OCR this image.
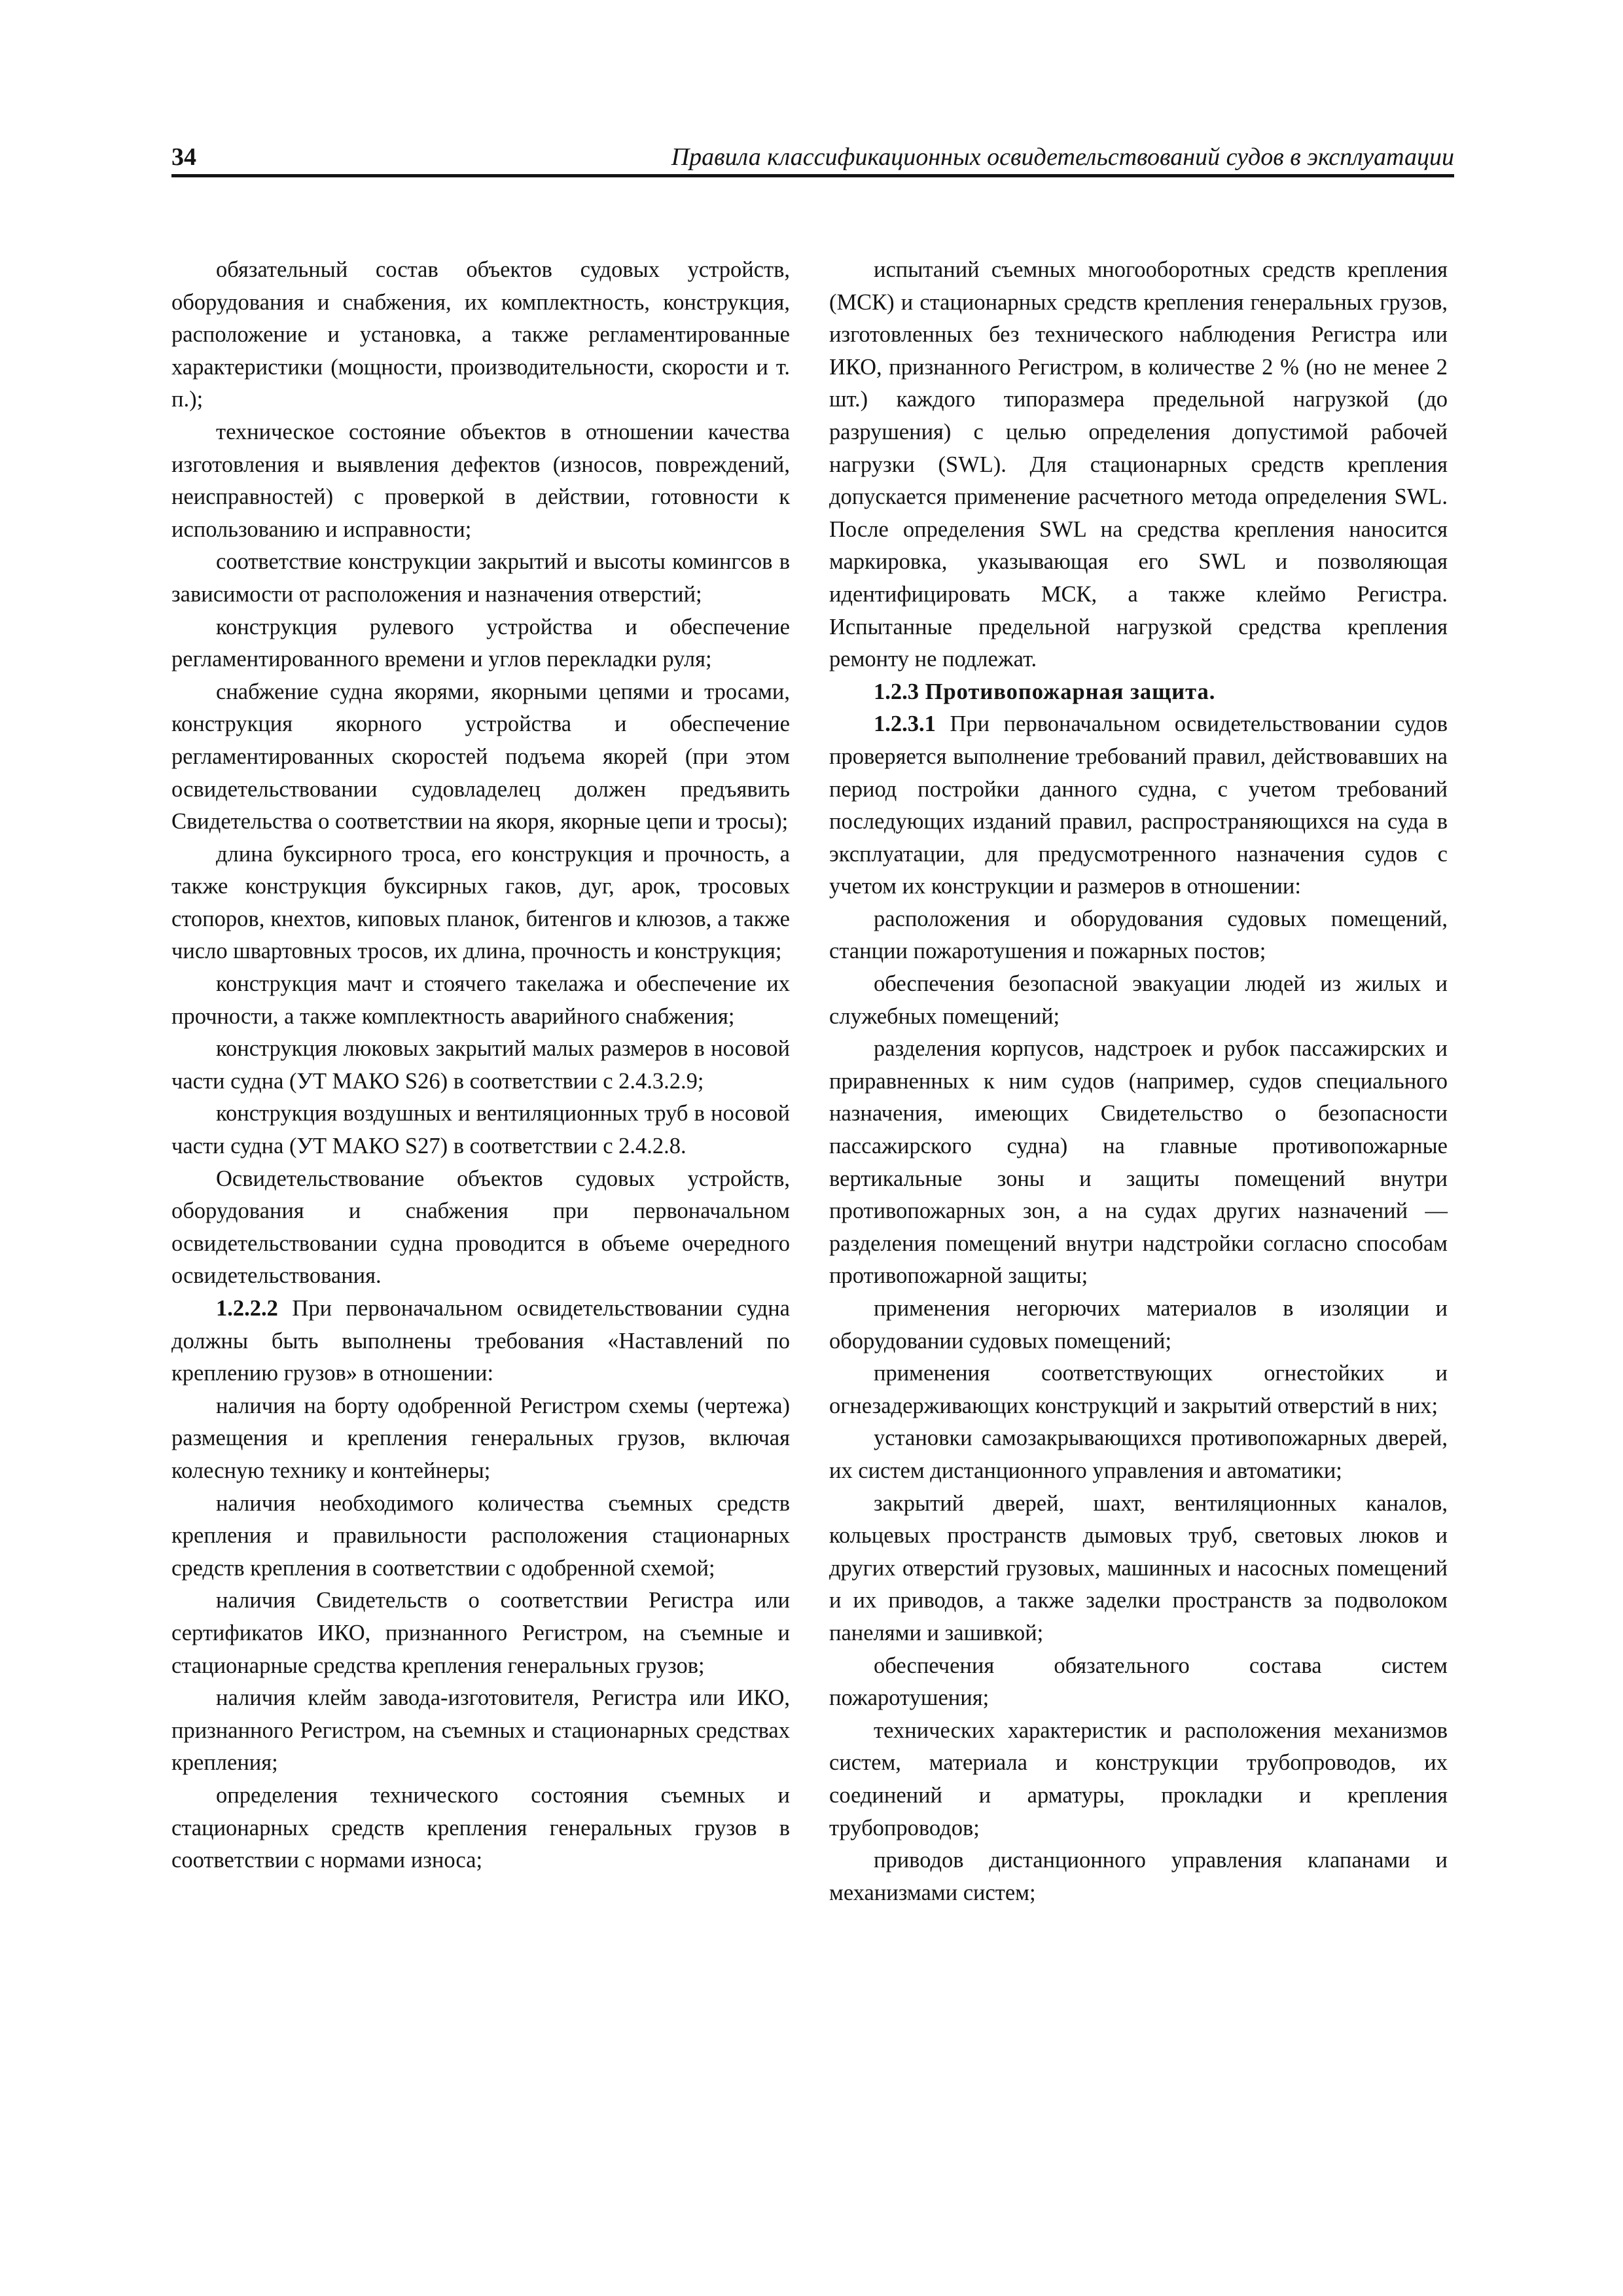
34	Правила классификационных освидетельствований судов в эксплуатации

обязательный состав объектов судовых устройств, оборудования и снабжения, их комплектность, конструкция, расположение и установка, а также регламентированные характеристики (мощности, производительности, скорости и т. п.);

техническое состояние объектов в отношении качества изготовления и выявления дефектов (износов, повреждений, неисправностей) с проверкой в действии, готовности к использованию и исправности;

соответствие конструкции закрытий и высоты комингсов в зависимости от расположения и назначения отверстий;

конструкция рулевого устройства и обеспечение регламентированного времени и углов перекладки руля;

снабжение судна якорями, якорными цепями и тросами, конструкция якорного устройства и обеспечение регламентированных скоростей подъема якорей (при этом освидетельствовании судовладелец должен предъявить Свидетельства о соответствии на якоря, якорные цепи и тросы);

длина буксирного троса, его конструкция и прочность, а также конструкция буксирных гаков, дуг, арок, тросовых стопоров, кнехтов, киповых планок, битенгов и клюзов, а также число швартовных тросов, их длина, прочность и конструкция;

конструкция мачт и стоячего такелажа и обеспечение их прочности, а также комплектность аварийного снабжения;

конструкция люковых закрытий малых размеров в носовой части судна (УТ МАКО S26) в соответствии с 2.4.3.2.9;

конструкция воздушных и вентиляционных труб в носовой части судна (УТ МАКО S27) в соответствии с 2.4.2.8.

Освидетельствование объектов судовых устройств, оборудования и снабжения при первоначальном освидетельствовании судна проводится в объеме очередного освидетельствования.

1.2.2.2 При первоначальном освидетельствовании судна должны быть выполнены требования «Наставлений по креплению грузов» в отношении:

наличия на борту одобренной Регистром схемы (чертежа) размещения и крепления генеральных грузов, включая колесную технику и контейнеры;

наличия необходимого количества съемных средств крепления и правильности расположения стационарных средств крепления в соответствии с одобренной схемой;

наличия Свидетельств о соответствии Регистра или сертификатов ИКО, признанного Регистром, на съемные и стационарные средства крепления генеральных грузов;

наличия клейм завода-изготовителя, Регистра или ИКО, признанного Регистром, на съемных и стационарных средствах крепления;

определения технического состояния съемных и стационарных средств крепления генеральных грузов в соответствии с нормами износа;

испытаний съемных многооборотных средств крепления (МСК) и стационарных средств крепления генеральных грузов, изготовленных без технического наблюдения Регистра или ИКО, признанного Регистром, в количестве 2 % (но не менее 2 шт.) каждого типоразмера предельной нагрузкой (до разрушения) с целью определения допустимой рабочей нагрузки (SWL). Для стационарных средств крепления допускается применение расчетного метода определения SWL. После определения SWL на средства крепления наносится маркировка, указывающая его SWL и позволяющая идентифицировать МСК, а также клеймо Регистра. Испытанные предельной нагрузкой средства крепления ремонту не подлежат.

1.2.3 Противопожарная защита.

1.2.3.1 При первоначальном освидетельствовании судов проверяется выполнение требований правил, действовавших на период постройки данного судна, с учетом требований последующих изданий правил, распространяющихся на суда в эксплуатации, для предусмотренного назначения судов с учетом их конструкции и размеров в отношении:

расположения и оборудования судовых помещений, станции пожаротушения и пожарных постов;

обеспечения безопасной эвакуации людей из жилых и служебных помещений;

разделения корпусов, надстроек и рубок пассажирских и приравненных к ним судов (например, судов специального назначения, имеющих Свидетельство о безопасности пассажирского судна) на главные противопожарные вертикальные зоны и защиты помещений внутри противопожарных зон, а на судах других назначений — разделения помещений внутри надстройки согласно способам противопожарной защиты;

применения негорючих материалов в изоляции и оборудовании судовых помещений;

применения соответствующих огнестойких и огнезадерживающих конструкций и закрытий отверстий в них;

установки самозакрывающихся противопожарных дверей, их систем дистанционного управления и автоматики;

закрытий дверей, шахт, вентиляционных каналов, кольцевых пространств дымовых труб, световых люков и других отверстий грузовых, машинных и насосных помещений и их приводов, а также заделки пространств за подволоком панелями и зашивкой;

обеспечения обязательного состава систем пожаротушения;

технических характеристик и расположения механизмов систем, материала и конструкции трубопроводов, их соединений и арматуры, прокладки и крепления трубопроводов;

приводов дистанционного управления клапанами и механизмами систем;
